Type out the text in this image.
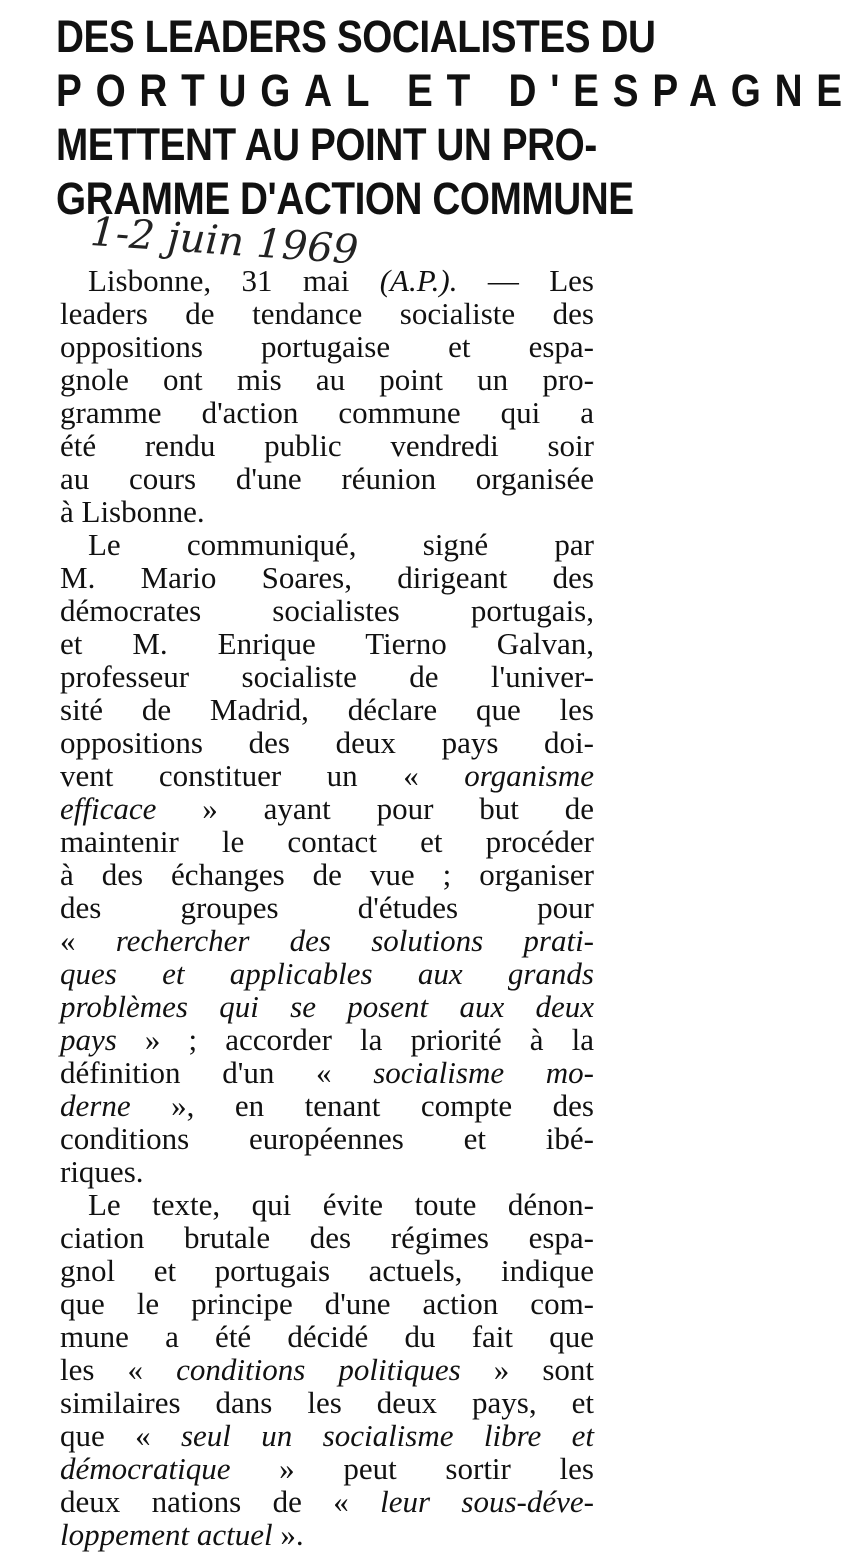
DES LEADERS SOCIALISTES DU
PORTUGAL ET D'ESPAGNE
METTENT AU POINT UN PRO-
GRAMME D'ACTION COMMUNE
1-2 juin 1969
Lisbonne, 31 mai (A.P.). — Les
leaders de tendance socialiste des
oppositions portugaise et espa-
gnole ont mis au point un pro-
gramme d'action commune qui a
été rendu public vendredi soir
au cours d'une réunion organisée
à Lisbonne.
Le communiqué, signé par
M. Mario Soares, dirigeant des
démocrates socialistes portugais,
et M. Enrique Tierno Galvan,
professeur socialiste de l'univer-
sité de Madrid, déclare que les
oppositions des deux pays doi-
vent constituer un « organisme
efficace » ayant pour but de
maintenir le contact et procéder
à des échanges de vue ; organiser
des groupes d'études pour
« rechercher des solutions prati-
ques et applicables aux grands
problèmes qui se posent aux deux
pays » ; accorder la priorité à la
définition d'un « socialisme mo-
derne », en tenant compte des
conditions européennes et ibé-
riques.
Le texte, qui évite toute dénon-
ciation brutale des régimes espa-
gnol et portugais actuels, indique
que le principe d'une action com-
mune a été décidé du fait que
les « conditions politiques » sont
similaires dans les deux pays, et
que « seul un socialisme libre et
démocratique » peut sortir les
deux nations de « leur sous-déve-
loppement actuel ».
